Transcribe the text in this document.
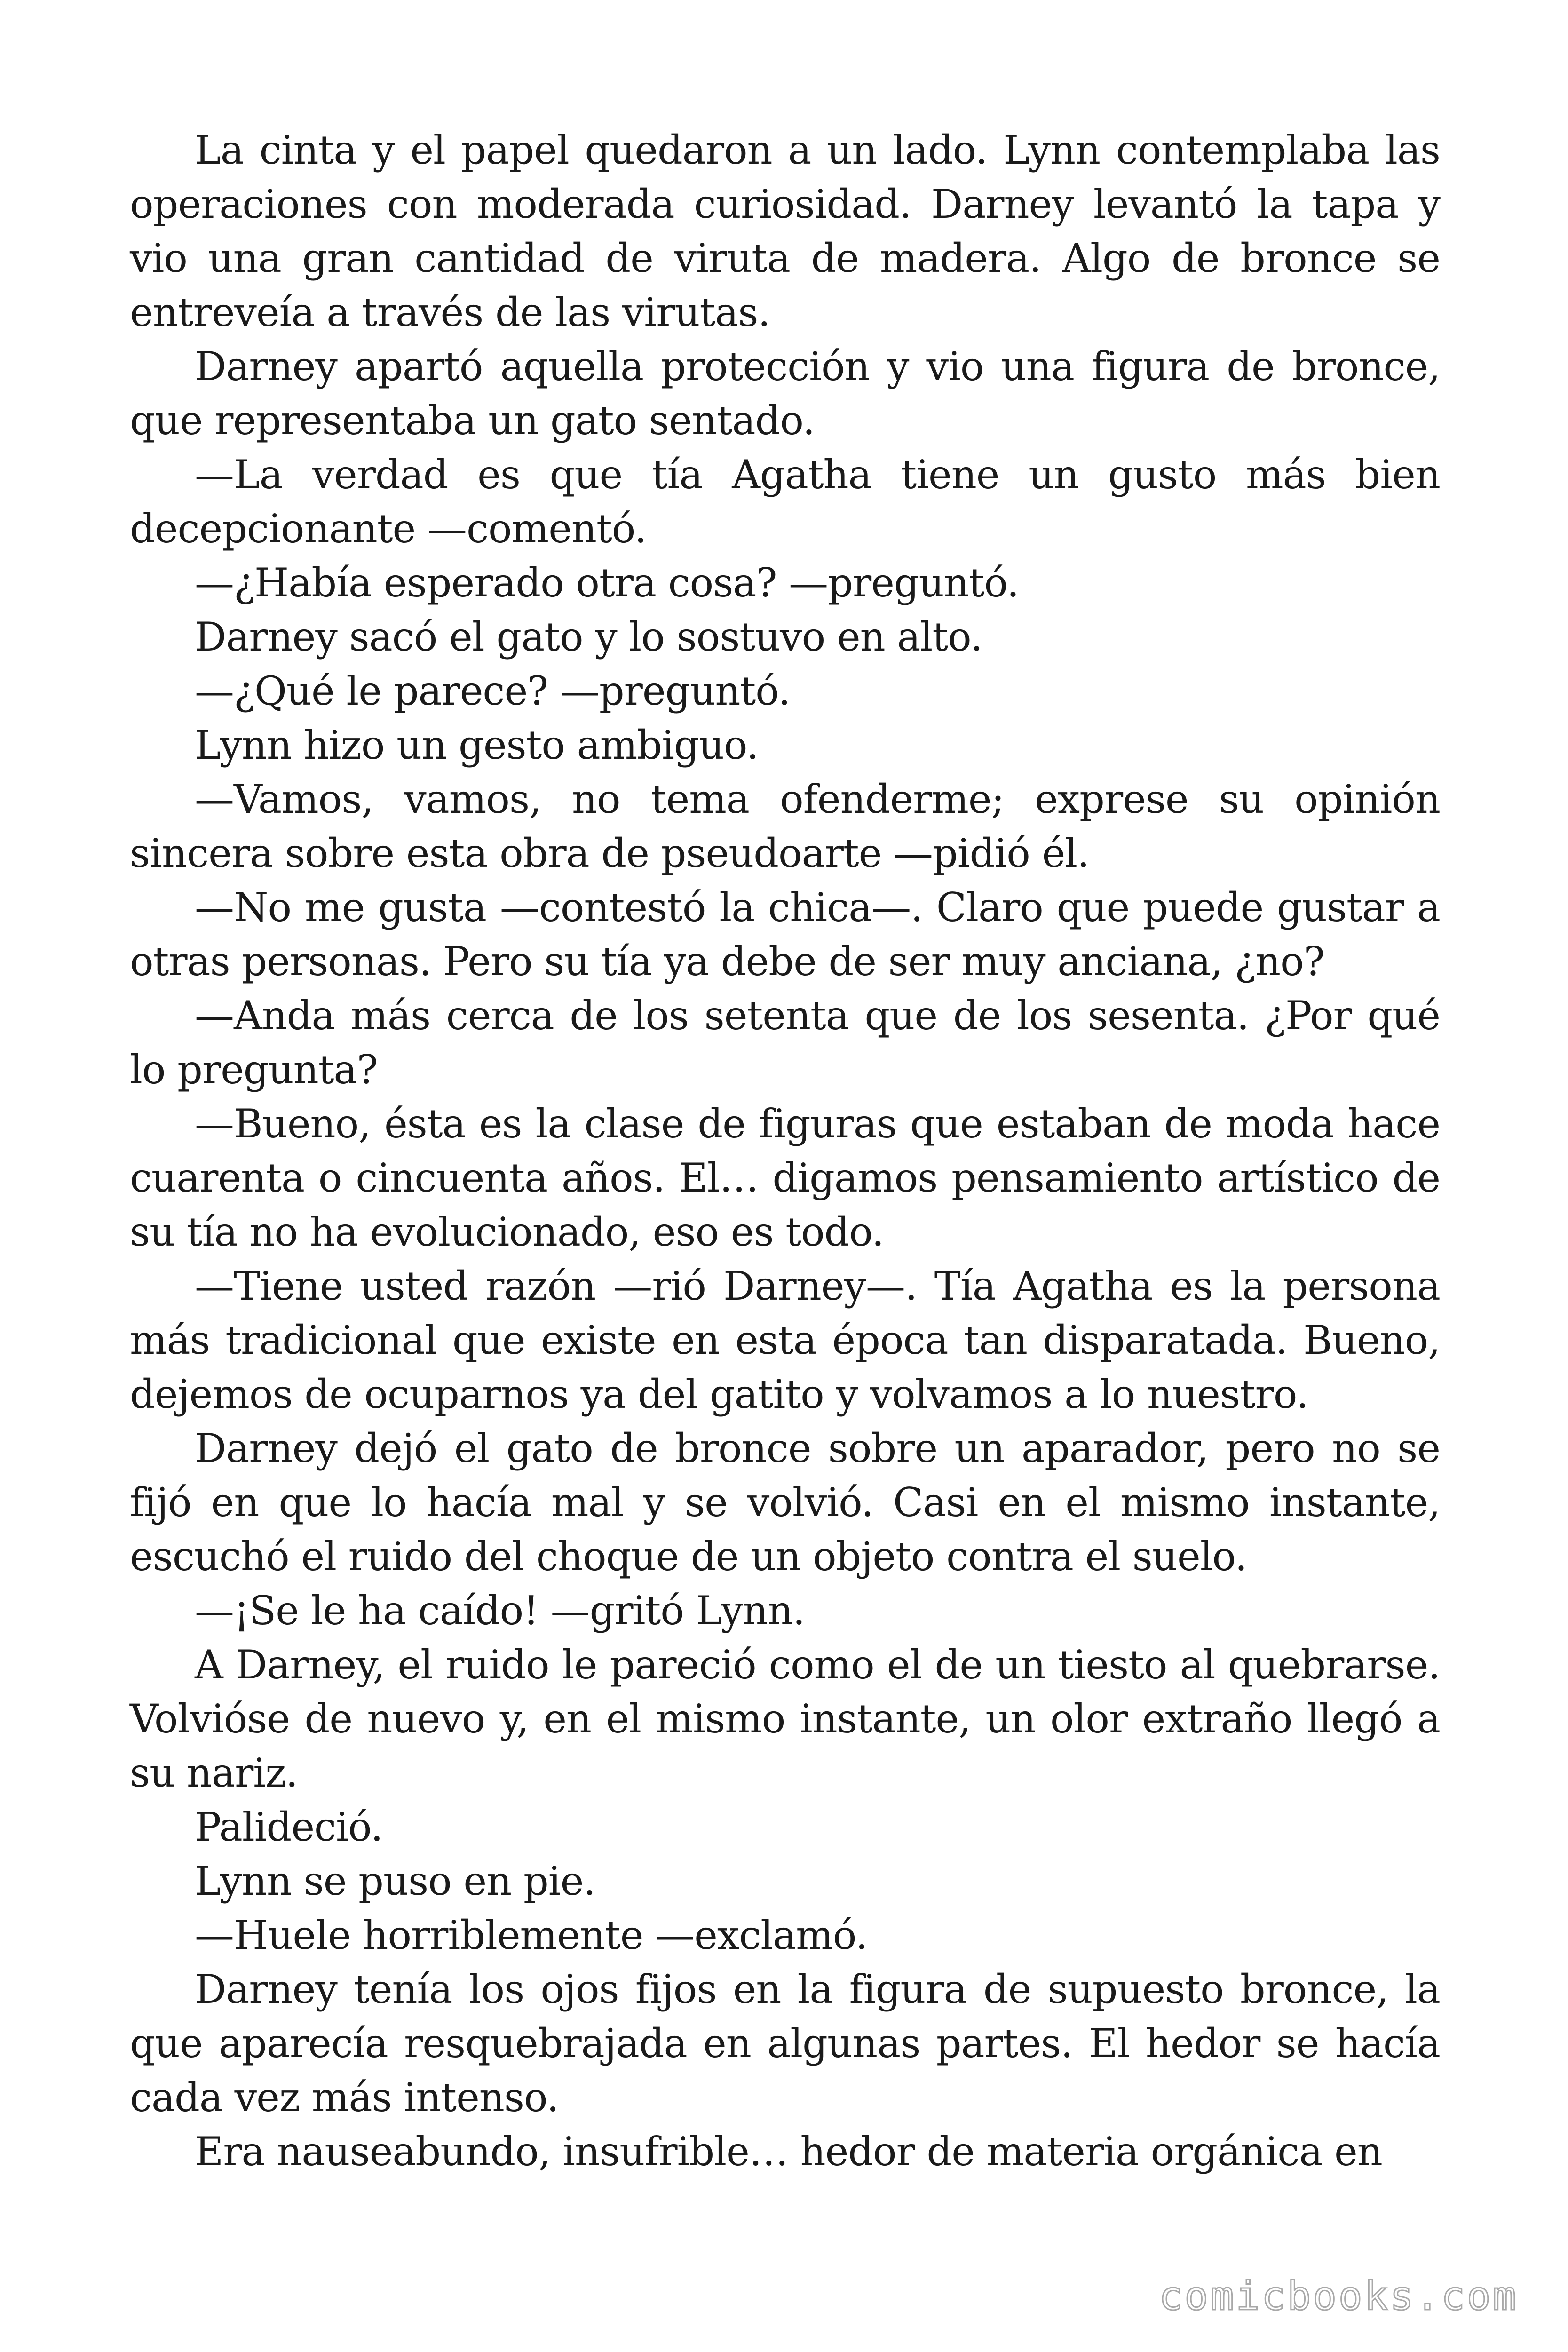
La cinta y el papel quedaron a un lado. Lynn contemplaba las operaciones con moderada curiosidad. Darney levantó la tapa y vio una gran cantidad de viruta de madera. Algo de bronce se entreveía a través de las virutas.

Darney apartó aquella protección y vio una figura de bronce, que representaba un gato sentado.

—La verdad es que tía Agatha tiene un gusto más bien decepcionante —comentó.

—¿Había esperado otra cosa? —preguntó.

Darney sacó el gato y lo sostuvo en alto.

—¿Qué le parece? —preguntó.

Lynn hizo un gesto ambiguo.

—Vamos, vamos, no tema ofenderme; exprese su opinión sincera sobre esta obra de pseudoarte —pidió él.

—No me gusta —contestó la chica—. Claro que puede gustar a otras personas. Pero su tía ya debe de ser muy anciana, ¿no?

—Anda más cerca de los setenta que de los sesenta. ¿Por qué lo pregunta?

—Bueno, ésta es la clase de figuras que estaban de moda hace cuarenta o cincuenta años. El… digamos pensamiento artístico de su tía no ha evolucionado, eso es todo.

—Tiene usted razón —rió Darney—. Tía Agatha es la persona más tradicional que existe en esta época tan disparatada. Bueno, dejemos de ocuparnos ya del gatito y volvamos a lo nuestro.

Darney dejó el gato de bronce sobre un aparador, pero no se fijó en que lo hacía mal y se volvió. Casi en el mismo instante, escuchó el ruido del choque de un objeto contra el suelo.

—¡Se le ha caído! —gritó Lynn.

A Darney, el ruido le pareció como el de un tiesto al quebrarse. Volvióse de nuevo y, en el mismo instante, un olor extraño llegó a su nariz.

Palideció.

Lynn se puso en pie.

—Huele horriblemente —exclamó.

Darney tenía los ojos fijos en la figura de supuesto bronce, la que aparecía resquebrajada en algunas partes. El hedor se hacía cada vez más intenso.

Era nauseabundo, insufrible… hedor de materia orgánica en

comicbooks.com
